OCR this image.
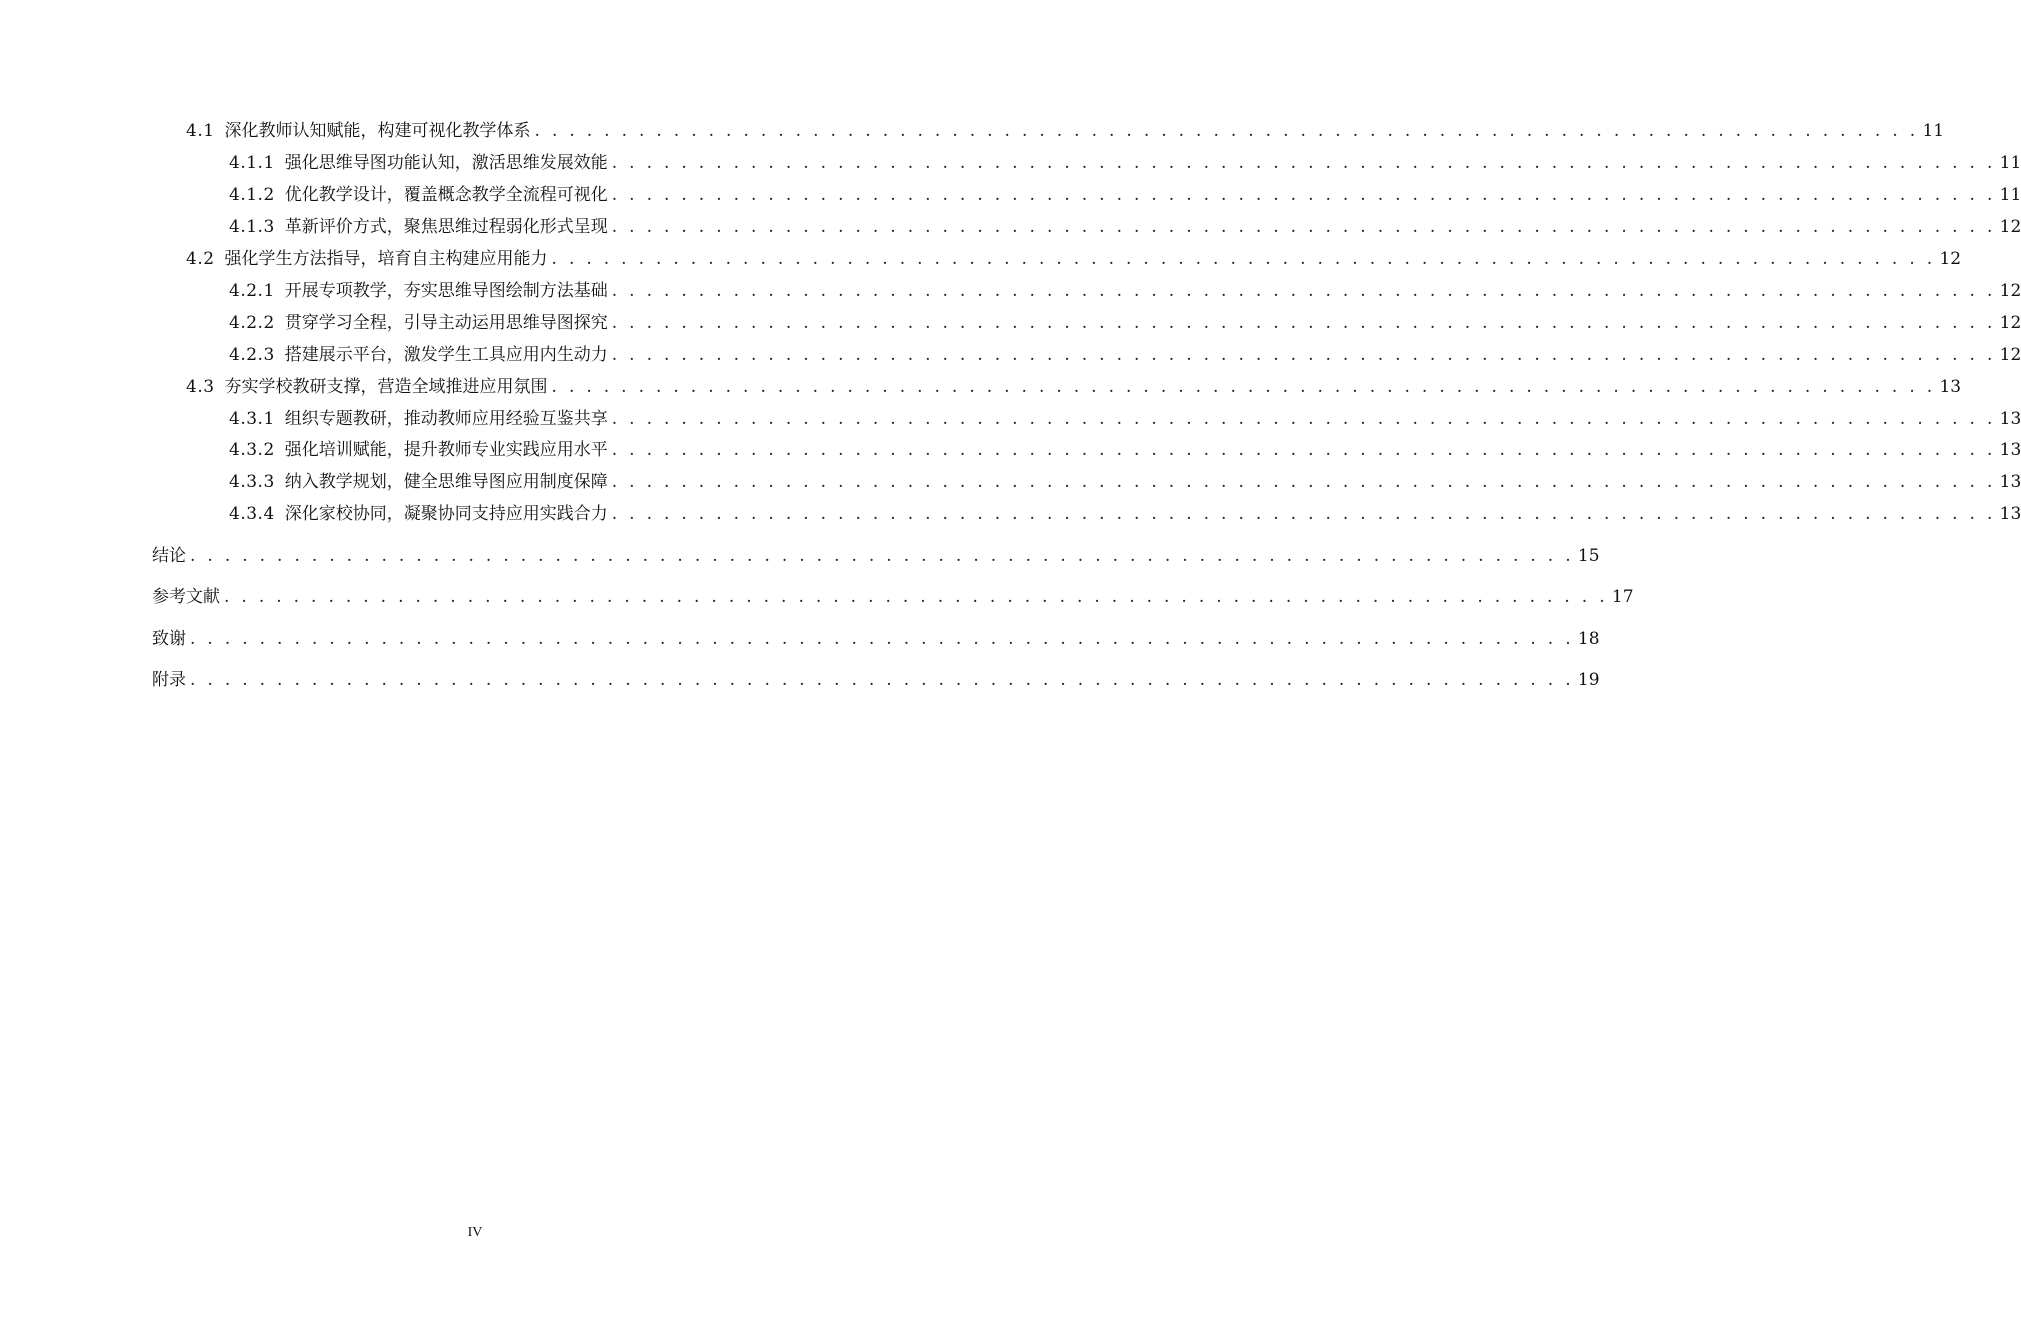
4.1 深化教师认知赋能，构建可视化教学体系 . . . . . . . . . . . . . . . . . . . . . . . . . . . . . . . . . . . . . . . . . . . . . . . . . . . . . . . . . . . . . . . . . . . . . . . . . . . . . . . . 11
4.1.1 强化思维导图功能认知，激活思维发展效能 . . . . . . . . . . . . . . . . . . . . . . . . . . . . . . . . . . . . . . . . . . . . . . . . . . . . . . . . . . . . . . . . . . . . . . . . . . . . . . . . 11
4.1.2 优化教学设计，覆盖概念教学全流程可视化 . . . . . . . . . . . . . . . . . . . . . . . . . . . . . . . . . . . . . . . . . . . . . . . . . . . . . . . . . . . . . . . . . . . . . . . . . . . . . . . . 11
4.1.3 革新评价方式，聚焦思维过程弱化形式呈现 . . . . . . . . . . . . . . . . . . . . . . . . . . . . . . . . . . . . . . . . . . . . . . . . . . . . . . . . . . . . . . . . . . . . . . . . . . . . . . . . 12
4.2 强化学生方法指导，培育自主构建应用能力 . . . . . . . . . . . . . . . . . . . . . . . . . . . . . . . . . . . . . . . . . . . . . . . . . . . . . . . . . . . . . . . . . . . . . . . . . . . . . . . . 12
4.2.1 开展专项教学，夯实思维导图绘制方法基础 . . . . . . . . . . . . . . . . . . . . . . . . . . . . . . . . . . . . . . . . . . . . . . . . . . . . . . . . . . . . . . . . . . . . . . . . . . . . . . . . 12
4.2.2 贯穿学习全程，引导主动运用思维导图探究 . . . . . . . . . . . . . . . . . . . . . . . . . . . . . . . . . . . . . . . . . . . . . . . . . . . . . . . . . . . . . . . . . . . . . . . . . . . . . . . . 12
4.2.3 搭建展示平台，激发学生工具应用内生动力 . . . . . . . . . . . . . . . . . . . . . . . . . . . . . . . . . . . . . . . . . . . . . . . . . . . . . . . . . . . . . . . . . . . . . . . . . . . . . . . . 12
4.3 夯实学校教研支撑，营造全域推进应用氛围 . . . . . . . . . . . . . . . . . . . . . . . . . . . . . . . . . . . . . . . . . . . . . . . . . . . . . . . . . . . . . . . . . . . . . . . . . . . . . . . . 13
4.3.1 组织专题教研，推动教师应用经验互鉴共享 . . . . . . . . . . . . . . . . . . . . . . . . . . . . . . . . . . . . . . . . . . . . . . . . . . . . . . . . . . . . . . . . . . . . . . . . . . . . . . . . 13
4.3.2 强化培训赋能，提升教师专业实践应用水平 . . . . . . . . . . . . . . . . . . . . . . . . . . . . . . . . . . . . . . . . . . . . . . . . . . . . . . . . . . . . . . . . . . . . . . . . . . . . . . . . 13
4.3.3 纳入教学规划，健全思维导图应用制度保障 . . . . . . . . . . . . . . . . . . . . . . . . . . . . . . . . . . . . . . . . . . . . . . . . . . . . . . . . . . . . . . . . . . . . . . . . . . . . . . . . 13
4.3.4 深化家校协同，凝聚协同支持应用实践合力 . . . . . . . . . . . . . . . . . . . . . . . . . . . . . . . . . . . . . . . . . . . . . . . . . . . . . . . . . . . . . . . . . . . . . . . . . . . . . . . . 13
结论 . . . . . . . . . . . . . . . . . . . . . . . . . . . . . . . . . . . . . . . . . . . . . . . . . . . . . . . . . . . . . . . . . . . . . . . . . . . . . . . . 15
参考文献 . . . . . . . . . . . . . . . . . . . . . . . . . . . . . . . . . . . . . . . . . . . . . . . . . . . . . . . . . . . . . . . . . . . . . . . . . . . . . . . . 17
致谢 . . . . . . . . . . . . . . . . . . . . . . . . . . . . . . . . . . . . . . . . . . . . . . . . . . . . . . . . . . . . . . . . . . . . . . . . . . . . . . . . 18
附录 . . . . . . . . . . . . . . . . . . . . . . . . . . . . . . . . . . . . . . . . . . . . . . . . . . . . . . . . . . . . . . . . . . . . . . . . . . . . . . . . 19
IV
